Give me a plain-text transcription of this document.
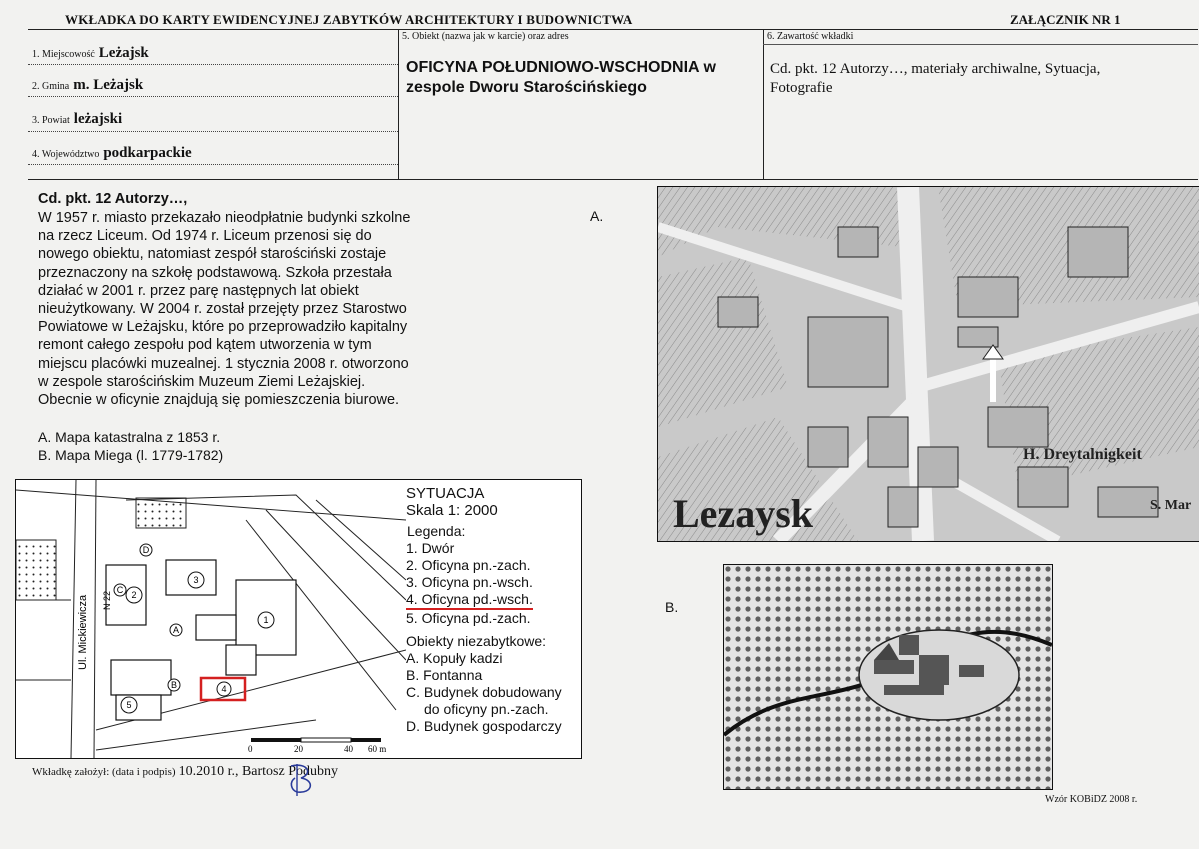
WKŁADKA DO KARTY EWIDENCYJNEJ ZABYTKÓW ARCHITEKTURY I BUDOWNICTWA	ZAŁĄCZNIK NR 1
1. Miejscowość Leżajsk
2. Gmina m. Leżajsk
3. Powiat leżajski
4. Województwo podkarpackie
5. Obiekt (nazwa jak w karcie) oraz adres
OFICYNA POŁUDNIOWO-WSCHODNIA w
zespole Dworu Starościńskiego
6. Zawartość wkładki
Cd. pkt. 12 Autorzy…, materiały archiwalne, Sytuacja,
Fotografie
Cd. pkt. 12 Autorzy…,
W 1957 r. miasto przekazało nieodpłatnie budynki szkolne
na rzecz Liceum. Od 1974 r. Liceum przenosi się do
nowego obiektu, natomiast zespół starościński zostaje
przeznaczony na szkołę podstawową. Szkoła przestała
działać w 2001 r. przez parę następnych lat obiekt
nieużytkowany. W 2004 r. został przejęty przez Starostwo
Powiatowe w Leżajsku, które po przeprowadziło kapitalny
remont całego zespołu pod kątem utworzenia w tym
miejscu placówki muzealnej. 1 stycznia 2008 r. otworzono
w zespole starościńskim Muzeum Ziemi Leżajskiej.
Obecnie w oficynie znajdują się pomieszczenia biurowe.
A. Mapa katastralna z 1853 r.
B. Mapa Miega (l. 1779-1782)
A.
Lezaysk
H. Dreytalnigkeit
S. Mar
B.
Ul. Mickiewicza N 22
1
2
3
4
5
A
B
C
D
0	20	40 60 m
SYTUACJA
Skala 1: 2000
Legenda:
1. Dwór
2. Oficyna pn.-zach.
3. Oficyna pn.-wsch.
4. Oficyna pd.-wsch.
5. Oficyna pd.-zach.
Obiekty niezabytkowe:
A. Kopuły kadzi
B. Fontanna
C. Budynek dobudowany
do oficyny pn.-zach.
D. Budynek gospodarczy
Wkładkę założył: (data i podpis) 10.2010 r., Bartosz Podubny
Wzór KOBiDZ 2008 r.
